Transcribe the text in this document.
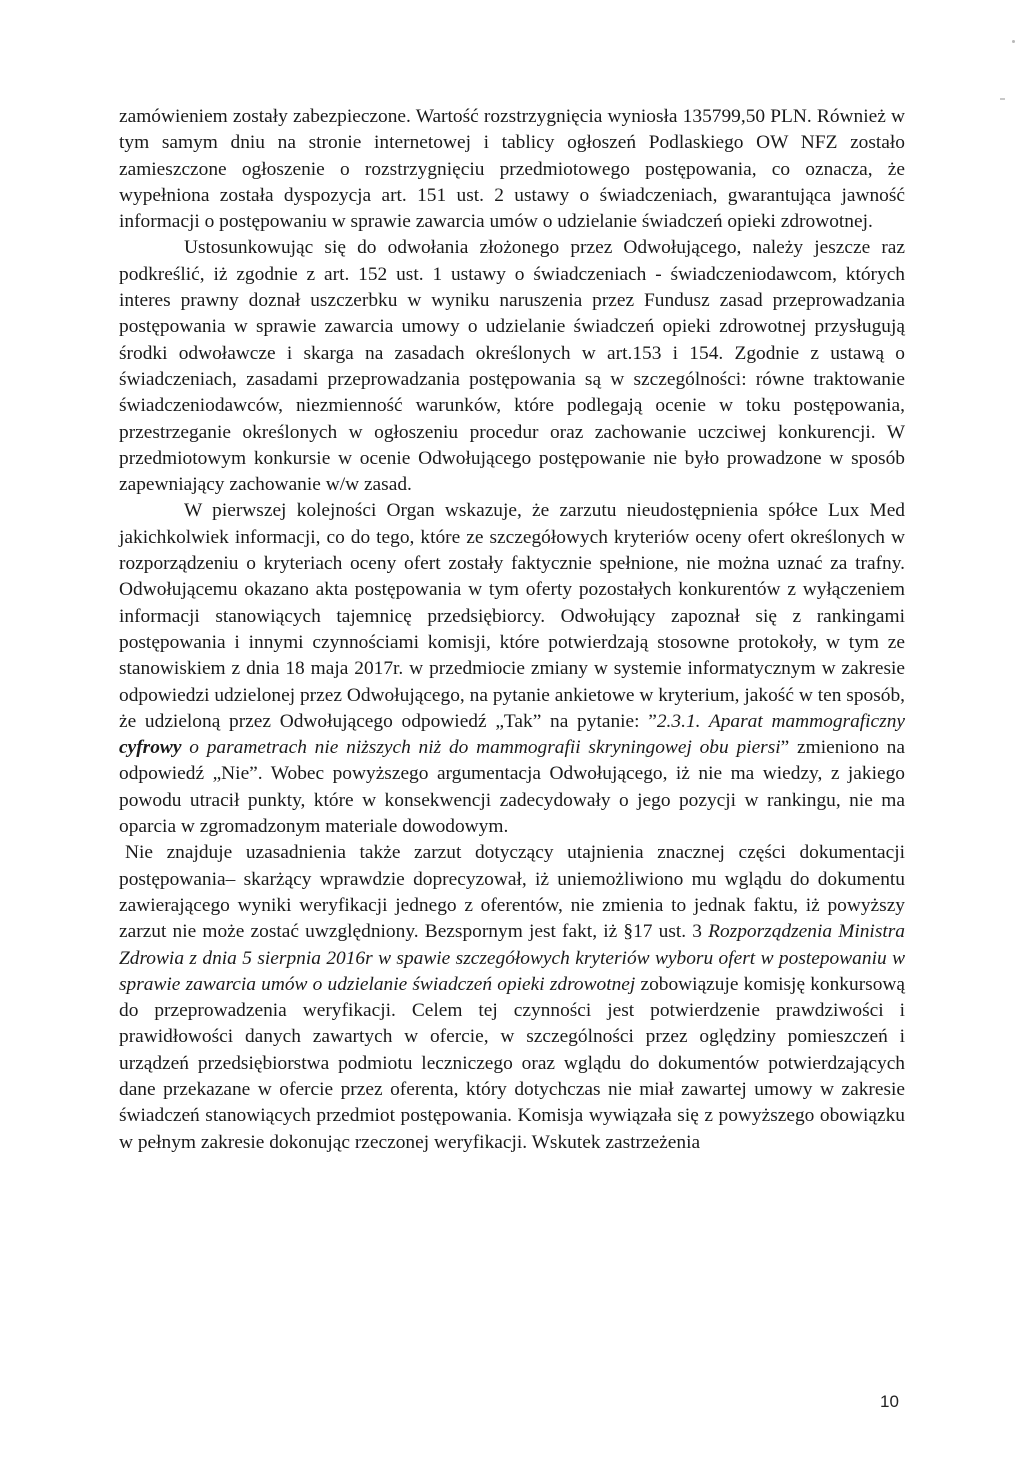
zamówieniem zostały zabezpieczone. Wartość rozstrzygnięcia wyniosła 135799,50 PLN. Również w tym samym dniu na stronie internetowej i tablicy ogłoszeń Podlaskiego OW NFZ zostało zamieszczone ogłoszenie o rozstrzygnięciu przedmiotowego postępowania, co oznacza, że wypełniona została dyspozycja art. 151 ust. 2 ustawy o świadczeniach, gwarantująca jawność informacji o postępowaniu w sprawie zawarcia umów o udzielanie świadczeń opieki zdrowotnej.

Ustosunkowując się do odwołania złożonego przez Odwołującego, należy jeszcze raz podkreślić, iż zgodnie z art. 152 ust. 1 ustawy o świadczeniach - świadczeniodawcom, których interes prawny doznał uszczerbku w wyniku naruszenia przez Fundusz zasad przeprowadzania postępowania w sprawie zawarcia umowy o udzielanie świadczeń opieki zdrowotnej przysługują środki odwoławcze i skarga na zasadach określonych w art.153 i 154. Zgodnie z ustawą o świadczeniach, zasadami przeprowadzania postępowania są w szczególności: równe traktowanie świadczeniodawców, niezmienność warunków, które podlegają ocenie w toku postępowania, przestrzeganie określonych w ogłoszeniu procedur oraz zachowanie uczciwej konkurencji. W przedmiotowym konkursie w ocenie Odwołującego postępowanie nie było prowadzone w sposób zapewniający zachowanie w/w zasad.

W pierwszej kolejności Organ wskazuje, że zarzutu nieudostępnienia spółce Lux Med jakichkolwiek informacji, co do tego, które ze szczegółowych kryteriów oceny ofert określonych w rozporządzeniu o kryteriach oceny ofert zostały faktycznie spełnione, nie można uznać za trafny. Odwołującemu okazano akta postępowania w tym oferty pozostałych konkurentów z wyłączeniem informacji stanowiących tajemnicę przedsiębiorcy. Odwołujący zapoznał się z rankingami postępowania i innymi czynnościami komisji, które potwierdzają stosowne protokoły, w tym ze stanowiskiem z dnia 18 maja 2017r. w przedmiocie zmiany w systemie informatycznym w zakresie odpowiedzi udzielonej przez Odwołującego, na pytanie ankietowe w kryterium, jakość w ten sposób, że udzieloną przez Odwołującego odpowiedź „Tak” na pytanie: ”2.3.1. Aparat mammograficzny cyfrowy o parametrach nie niższych niż do mammografii skryningowej obu piersi” zmieniono na odpowiedź „Nie”. Wobec powyższego argumentacja Odwołującego, iż nie ma wiedzy, z jakiego powodu utracił punkty, które w konsekwencji zadecydowały o jego pozycji w rankingu, nie ma oparcia w zgromadzonym materiale dowodowym.

Nie znajduje uzasadnienia także zarzut dotyczący utajnienia znacznej części dokumentacji postępowania– skarżący wprawdzie doprecyzował, iż uniemożliwiono mu wglądu do dokumentu zawierającego wyniki weryfikacji jednego z oferentów, nie zmienia to jednak faktu, iż powyższy zarzut nie może zostać uwzględniony. Bezspornym jest fakt, iż §17 ust. 3 Rozporządzenia Ministra Zdrowia z dnia 5 sierpnia 2016r w spawie szczegółowych kryteriów wyboru ofert w postepowaniu w sprawie zawarcia umów o udzielanie świadczeń opieki zdrowotnej zobowiązuje komisję konkursową do przeprowadzenia weryfikacji. Celem tej czynności jest potwierdzenie prawdziwości i prawidłowości danych zawartych w ofercie, w szczególności przez oględziny pomieszczeń i urządzeń przedsiębiorstwa podmiotu leczniczego oraz wglądu do dokumentów potwierdzających dane przekazane w ofercie przez oferenta, który dotychczas nie miał zawartej umowy w zakresie świadczeń stanowiących przedmiot postępowania. Komisja wywiązała się z powyższego obowiązku w pełnym zakresie dokonując rzeczonej weryfikacji. Wskutek zastrzeżenia

10
